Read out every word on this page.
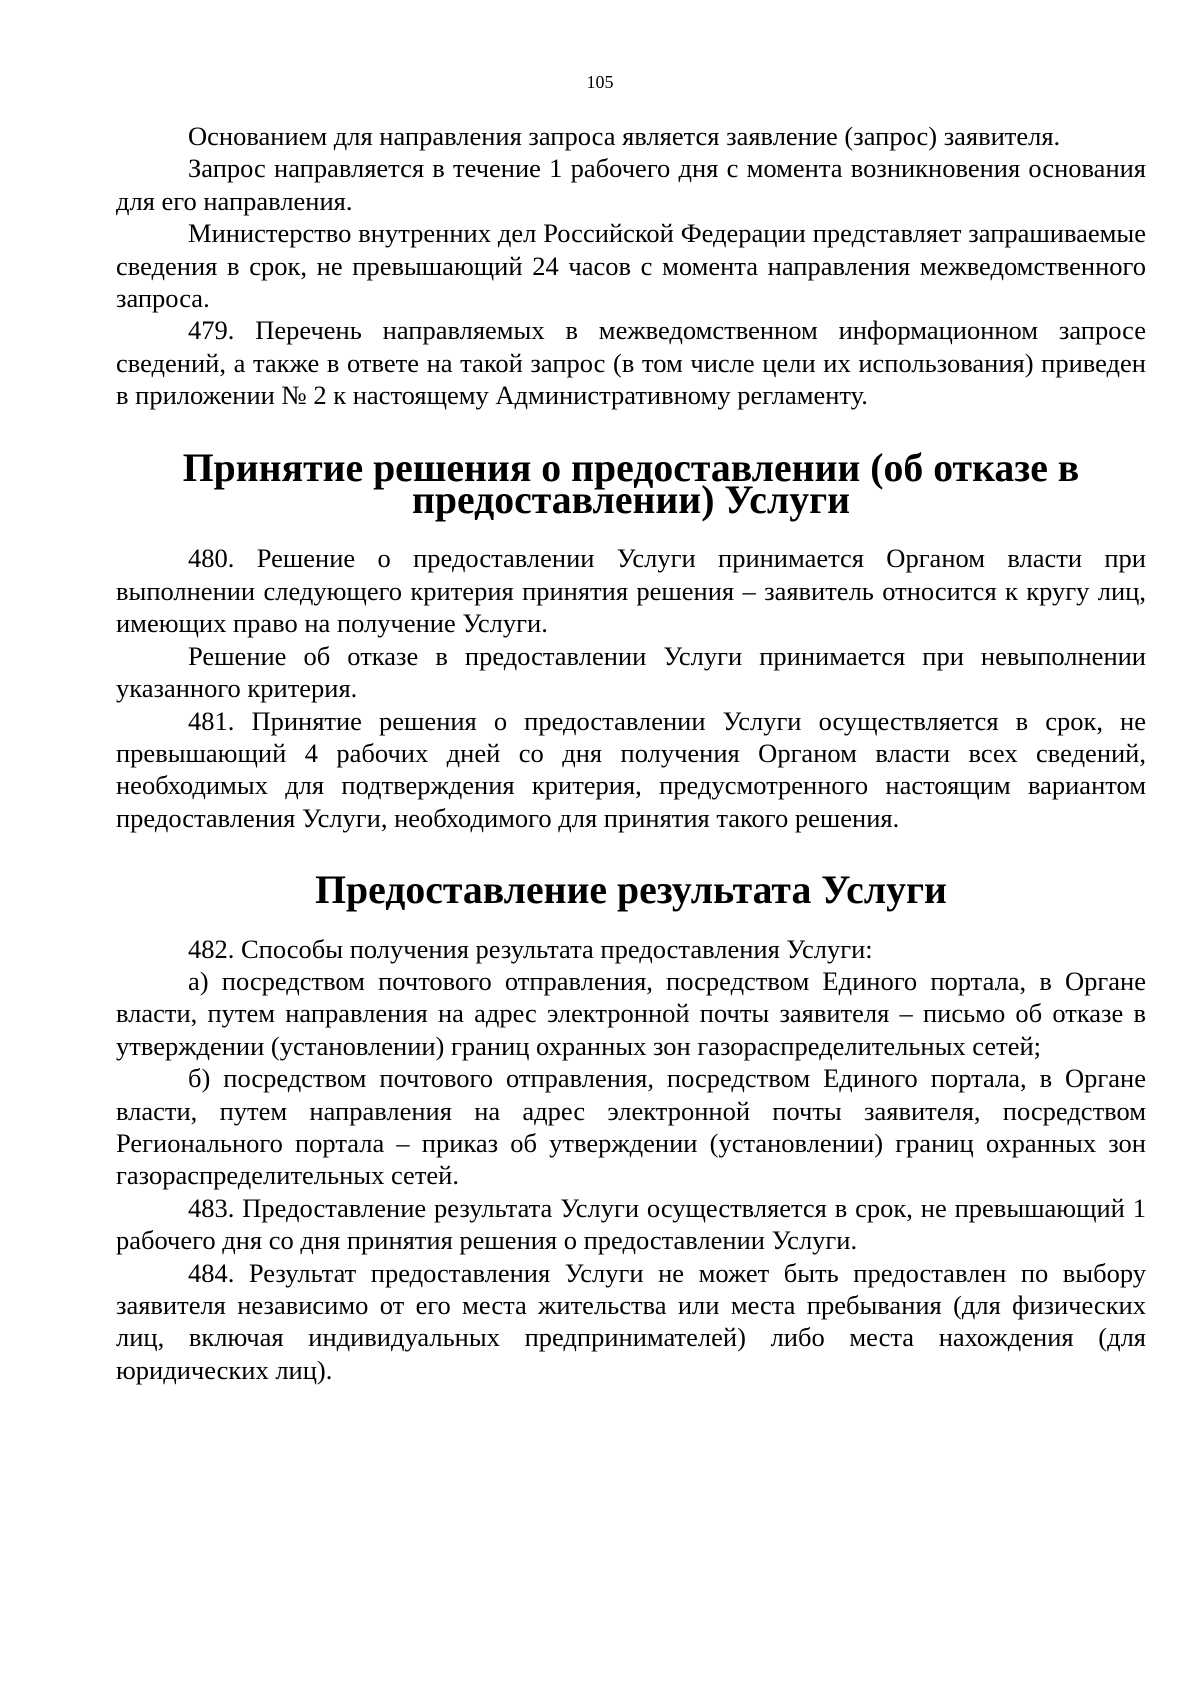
105

Основанием для направления запроса является заявление (запрос) заявителя.

Запрос направляется в течение 1 рабочего дня с момента возникновения основания для его направления.

Министерство внутренних дел Российской Федерации представляет запрашиваемые сведения в срок, не превышающий 24 часов с момента направления межведомственного запроса.

479. Перечень направляемых в межведомственном информационном запросе сведений, а также в ответе на такой запрос (в том числе цели их использования) приведен в приложении № 2 к настоящему Административному регламенту.

Принятие решения о предоставлении (об отказе в предоставлении) Услуги

480. Решение о предоставлении Услуги принимается Органом власти при выполнении следующего критерия принятия решения – заявитель относится к кругу лиц, имеющих право на получение Услуги.

Решение об отказе в предоставлении Услуги принимается при невыполнении указанного критерия.

481. Принятие решения о предоставлении Услуги осуществляется в срок, не превышающий 4 рабочих дней со дня получения Органом власти всех сведений, необходимых для подтверждения критерия, предусмотренного настоящим вариантом предоставления Услуги, необходимого для принятия такого решения.

Предоставление результата Услуги

482. Способы получения результата предоставления Услуги:

а) посредством почтового отправления, посредством Единого портала, в Органе власти, путем направления на адрес электронной почты заявителя – письмо об отказе в утверждении (установлении) границ охранных зон газораспределительных сетей;

б) посредством почтового отправления, посредством Единого портала, в Органе власти, путем направления на адрес электронной почты заявителя, посредством Регионального портала – приказ об утверждении (установлении) границ охранных зон газораспределительных сетей.

483. Предоставление результата Услуги осуществляется в срок, не превышающий 1 рабочего дня со дня принятия решения о предоставлении Услуги.

484. Результат предоставления Услуги не может быть предоставлен по выбору заявителя независимо от его места жительства или места пребывания (для физических лиц, включая индивидуальных предпринимателей) либо места нахождения (для юридических лиц).
